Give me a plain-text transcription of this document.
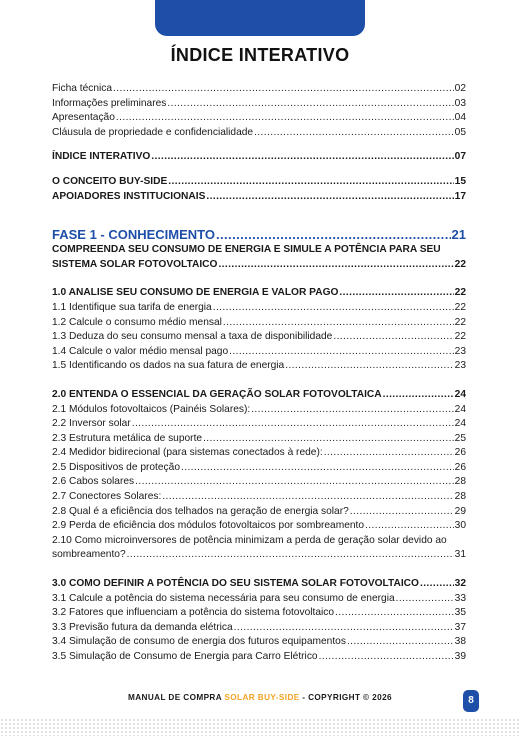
ÍNDICE INTERATIVO
Ficha técnica .....	02
Informações preliminares .....	03
Apresentação .....	04
Cláusula de propriedade e confidencialidade .....	05
ÍNDICE INTERATIVO .....	07
O CONCEITO BUY-SIDE .....	15
APOIADORES INSTITUCIONAIS .....	17
FASE 1 - CONHECIMENTO .....	21
COMPREENDA SEU CONSUMO DE ENERGIA E SIMULE A POTÊNCIA PARA SEU
SISTEMA SOLAR FOTOVOLTAICO .....	22
1.0 ANALISE SEU CONSUMO DE ENERGIA E VALOR PAGO .....	22
1.1 Identifique sua tarifa de energia .....	22
1.2 Calcule o consumo médio mensal .....	22
1.3 Deduza do seu consumo mensal a taxa de disponibilidade .....	22
1.4 Calcule o valor médio mensal pago .....	23
1.5 Identificando os dados na sua fatura de energia .....	23
2.0 ENTENDA O ESSENCIAL DA GERAÇÃO SOLAR FOTOVOLTAICA .....	24
2.1 Módulos fotovoltaicos (Painéis Solares): .....	24
2.2 Inversor solar .....	24
2.3 Estrutura metálica de suporte .....	25
2.4 Medidor bidirecional (para sistemas conectados à rede): .....	26
2.5 Dispositivos de proteção .....	26
2.6 Cabos solares .....	28
2.7 Conectores Solares: .....	28
2.8 Qual é a eficiência dos telhados na geração de energia solar? .....	29
2.9 Perda de eficiência dos módulos fotovoltaicos por sombreamento .....	30
2.10 Como microinversores de potência minimizam a perda de geração solar devido ao
sombreamento? .....	31
3.0 COMO DEFINIR A POTÊNCIA DO SEU SISTEMA SOLAR FOTOVOLTAICO .....	32
3.1 Calcule a potência do sistema necessária para seu consumo de energia .....	33
3.2 Fatores que influenciam a potência do sistema fotovoltaico .....	35
3.3 Previsão futura da demanda elétrica .....	37
3.4 Simulação de consumo de energia dos futuros equipamentos .....	38
3.5 Simulação de Consumo de Energia para Carro Elétrico .....	39
MANUAL DE COMPRA SOLAR BUY-SIDE - COPYRIGHT © 2026	8
